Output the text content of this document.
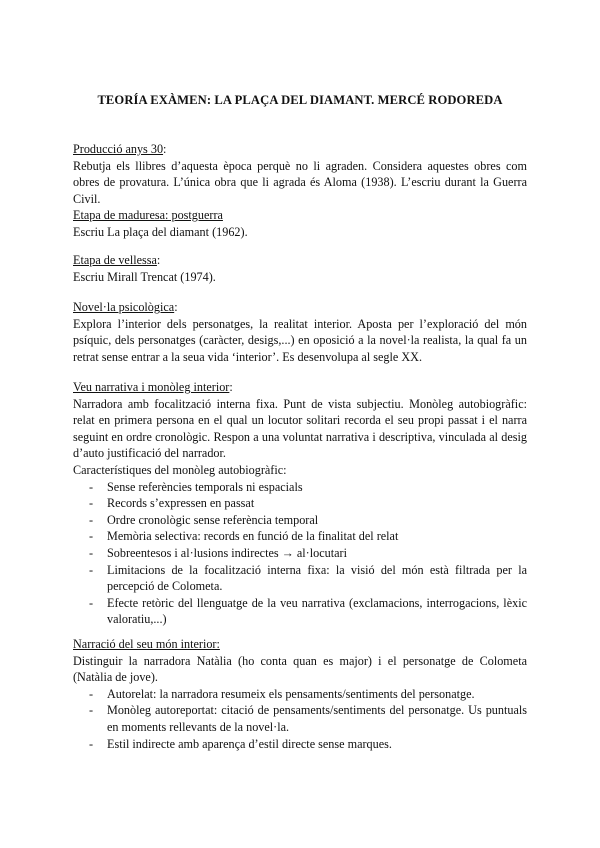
TEORÍA EXÀMEN: LA PLAÇA DEL DIAMANT. MERCÉ RODOREDA
Producció anys 30:
Rebutja els llibres d’aquesta època perquè no li agraden. Considera aquestes obres com obres de provatura. L’única obra que li agrada és Aloma (1938). L’escriu durant la Guerra Civil.
Etapa de maduresa: postguerra
Escriu La plaça del diamant (1962).
Etapa de vellessa:
Escriu Mirall Trencat (1974).
Novel·la psicològica:
Explora l’interior dels personatges, la realitat interior. Aposta per l’exploració del món psíquic, dels personatges (caràcter, desigs,...) en oposició a la novel·la realista, la qual fa un retrat sense entrar a la seua vida ‘interior’. Es desenvolupa al segle XX.
Veu narrativa i monòleg interior:
Narradora amb focalització interna fixa. Punt de vista subjectiu. Monòleg autobiogràfic: relat en primera persona en el qual un locutor solitari recorda el seu propi passat i el narra seguint en ordre cronològic. Respon a una voluntat narrativa i descriptiva, vinculada al desig d’auto justificació del narrador.
Característiques del monòleg autobiogràfic:
- Sense referències temporals ni espacials
- Records s’expressen en passat
- Ordre cronològic sense referència temporal
- Memòria selectiva: records en funció de la finalitat del relat
- Sobreentesos i al·lusions indirectes → al·locutari
- Limitacions de la focalització interna fixa: la visió del món està filtrada per la percepció de Colometa.
- Efecte retòric del llenguatge de la veu narrativa (exclamacions, interrogacions, lèxic valoratiu,...)
Narració del seu món interior:
Distinguir la narradora Natàlia (ho conta quan es major) i el personatge de Colometa (Natàlia de jove).
- Autorelat: la narradora resumeix els pensaments/sentiments del personatge.
- Monòleg autoreportat: citació de pensaments/sentiments del personatge. Us puntuals en moments rellevants de la novel·la.
- Estil indirecte amb aparença d’estil directe sense marques.
